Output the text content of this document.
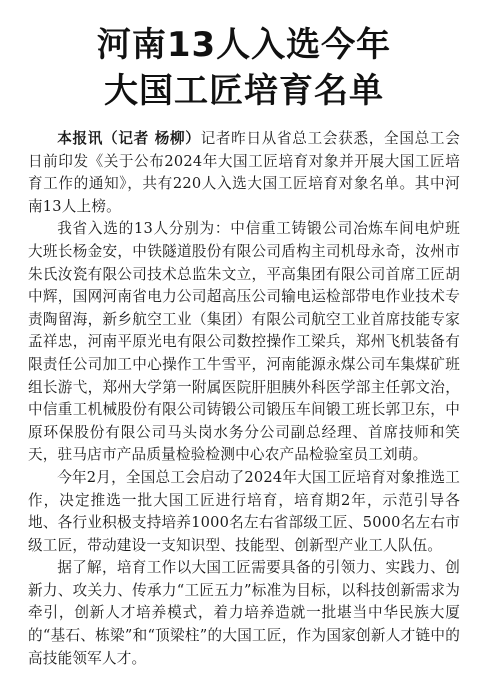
河南13人入选今年
大国工匠培育名单

本报讯（记者 杨柳）记者昨日从省总工会获悉，全国总工会日前印发《关于公布2024年大国工匠培育对象并开展大国工匠培育工作的通知》，共有220人入选大国工匠培育对象名单。其中河南13人上榜。

我省入选的13人分别为：中信重工铸锻公司冶炼车间电炉班大班长杨金安，中铁隧道股份有限公司盾构主司机母永奇，汝州市朱氏汝瓷有限公司技术总监朱文立，平高集团有限公司首席工匠胡中辉，国网河南省电力公司超高压公司输电运检部带电作业技术专责陶留海，新乡航空工业（集团）有限公司航空工业首席技能专家孟祥忠，河南平原光电有限公司数控操作工梁兵，郑州飞机装备有限责任公司加工中心操作工牛雪平，河南能源永煤公司车集煤矿班组长游弋，郑州大学第一附属医院肝胆胰外科医学部主任郭文治，中信重工机械股份有限公司铸锻公司锻压车间锻工班长郭卫东，中原环保股份有限公司马头岗水务分公司副总经理、首席技师和笑天，驻马店市产品质量检验检测中心农产品检验室员工刘萌。

今年2月，全国总工会启动了2024年大国工匠培育对象推选工作，决定推选一批大国工匠进行培育，培育期2年，示范引导各地、各行业积极支持培养1000名左右省部级工匠、5000名左右市级工匠，带动建设一支知识型、技能型、创新型产业工人队伍。

据了解，培育工作以大国工匠需要具备的引领力、实践力、创新力、攻关力、传承力“工匠五力”标准为目标，以科技创新需求为牵引，创新人才培养模式，着力培养造就一批堪当中华民族大厦的“基石、栋梁”和“顶梁柱”的大国工匠，作为国家创新人才链中的高技能领军人才。
